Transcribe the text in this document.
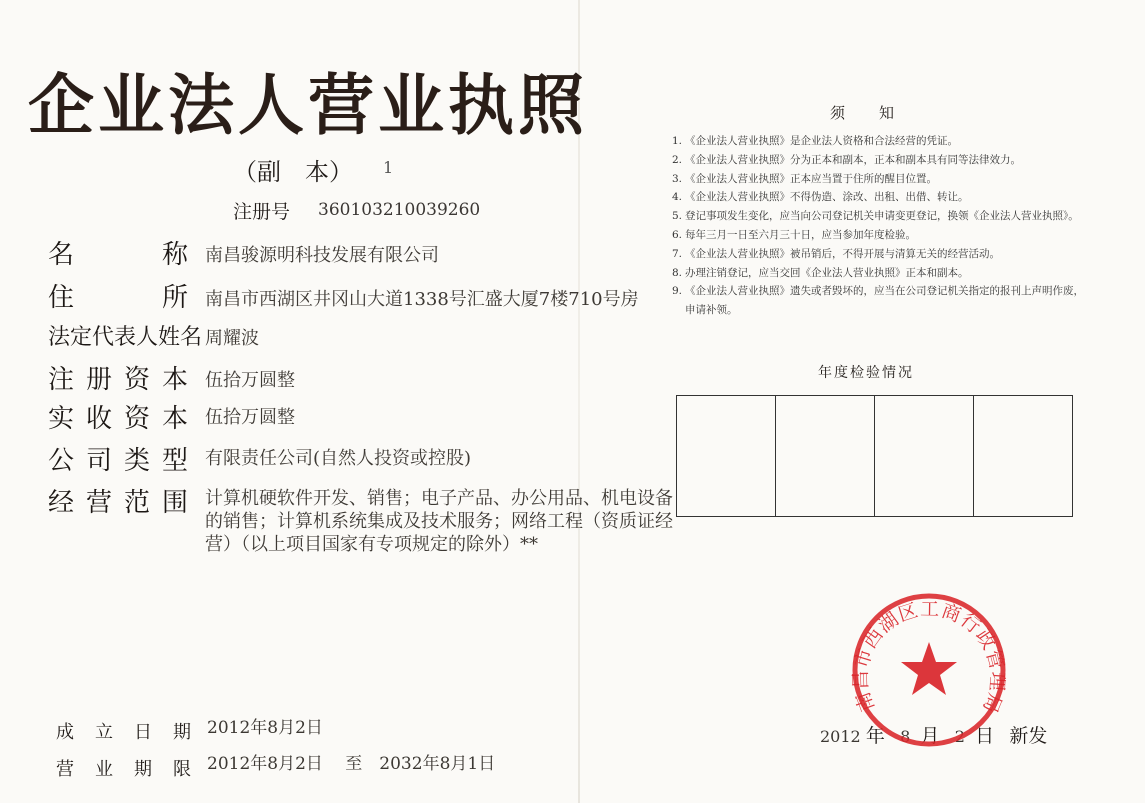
企业法人营业执照
（副　本） 1
注册号 360103210039260
名	称 南昌骏源明科技发展有限公司
住	所 南昌市西湖区井冈山大道1338号汇盛大厦7楼710号房
法定代表人姓名 周耀波
注 册 资 本 伍拾万圆整
实 收 资 本 伍拾万圆整
公 司 类 型 有限责任公司(自然人投资或控股)
经 营 范 围 计算机硬软件开发、销售；电子产品、办公用品、机电设备的销售；计算机系统集成及技术服务；网络工程（资质证经营）（以上项目国家有专项规定的除外）**
成 立 日 期 2012年8月2日
营 业 期 限 2012年8月2日　 至　2032年8月1日
须知
1. 《企业法人营业执照》是企业法人资格和合法经营的凭证。
2. 《企业法人营业执照》分为正本和副本，正本和副本具有同等法律效力。
3. 《企业法人营业执照》正本应当置于住所的醒目位置。
4. 《企业法人营业执照》不得伪造、涂改、出租、出借、转让。
5. 登记事项发生变化，应当向公司登记机关申请变更登记，换领《企业法人营业执照》。
6. 每年三月一日至六月三十日，应当参加年度检验。
7. 《企业法人营业执照》被吊销后，不得开展与清算无关的经营活动。
8. 办理注销登记，应当交回《企业法人营业执照》正本和副本。
9. 《企业法人营业执照》遗失或者毁坏的，应当在公司登记机关指定的报刊上声明作废，申请补领。
年度检验情况
2012 年 8 月 2 日 新发
南昌市西湖区工商行政管理局
